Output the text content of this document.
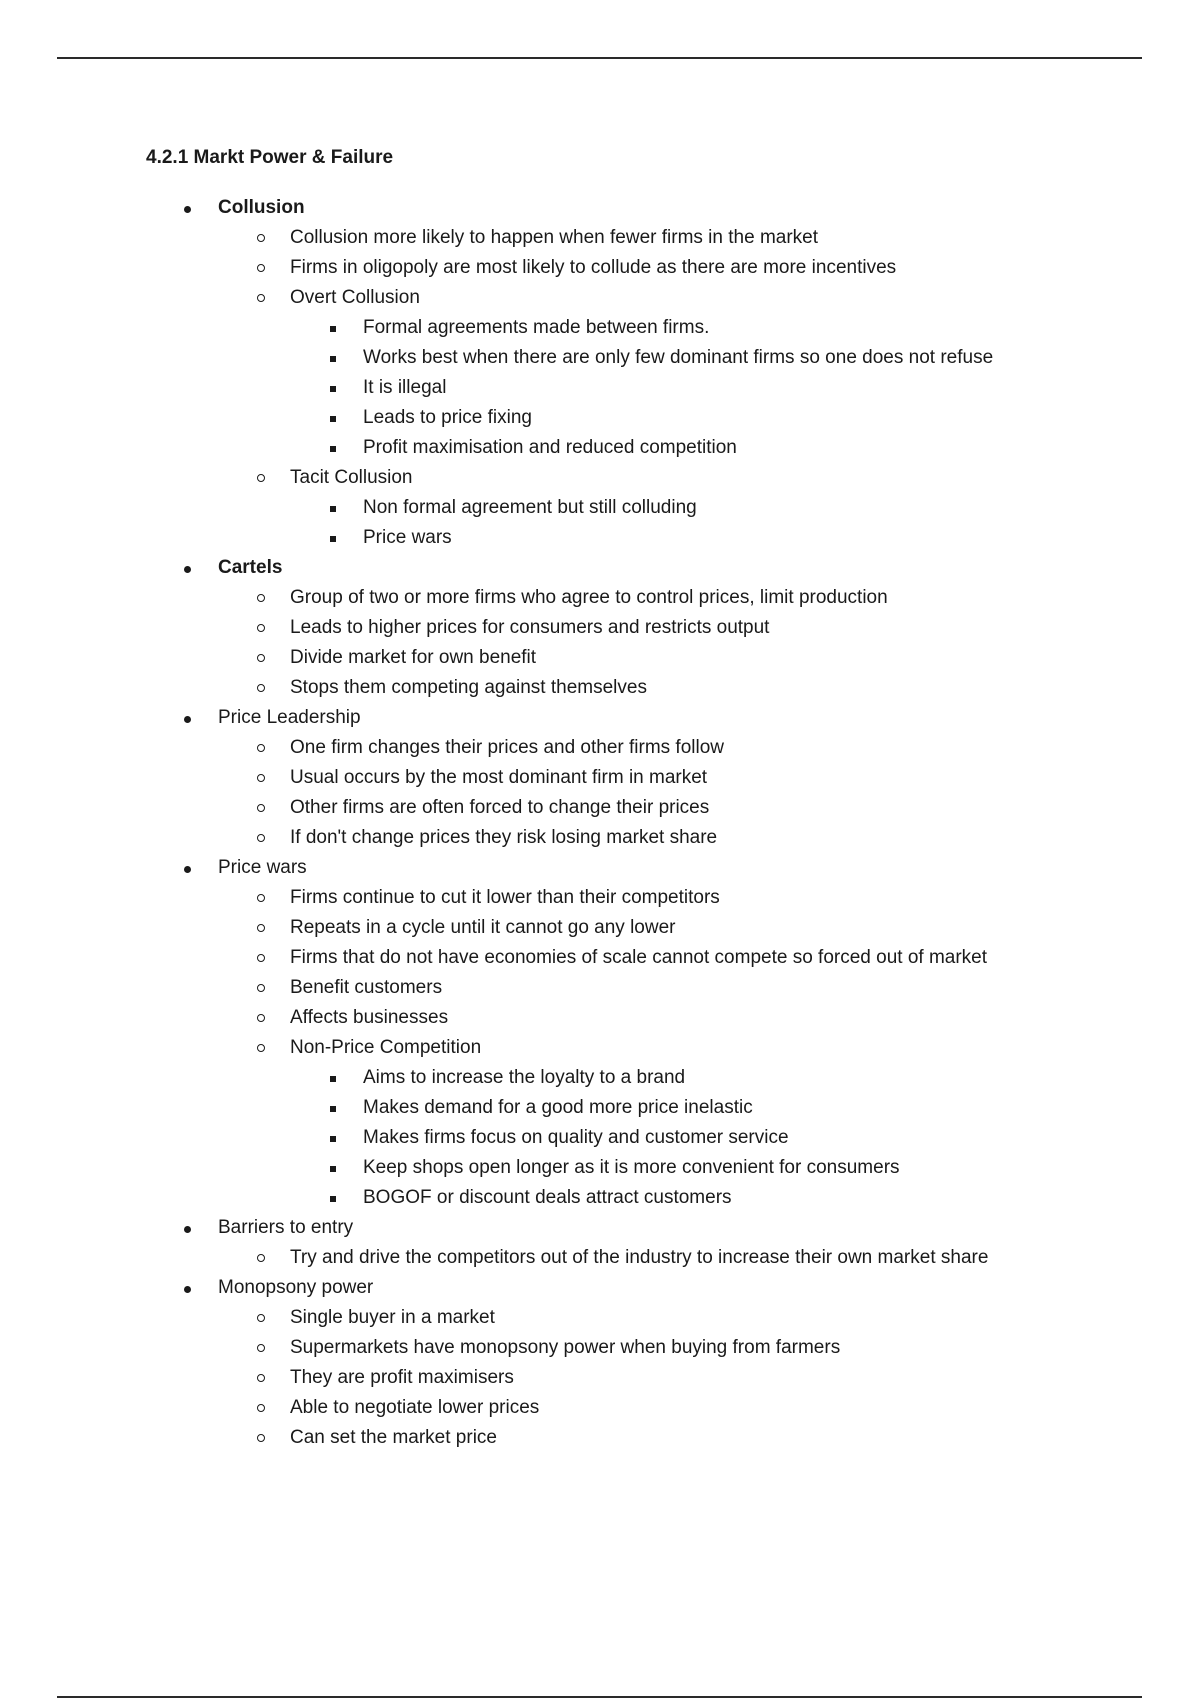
4.2.1 Markt Power & Failure
Collusion
Collusion more likely to happen when fewer firms in the market
Firms in oligopoly are most likely to collude as there are more incentives
Overt Collusion
Formal agreements made between firms.
Works best when there are only few dominant firms so one does not refuse
It is illegal
Leads to price fixing
Profit maximisation and reduced competition
Tacit Collusion
Non formal agreement but still colluding
Price wars
Cartels
Group of two or more firms who agree to control prices, limit production
Leads to higher prices for consumers and restricts output
Divide market for own benefit
Stops them competing against themselves
Price Leadership
One firm changes their prices and other firms follow
Usual occurs by the most dominant firm in market
Other firms are often forced to change their prices
If don't change prices they risk losing market share
Price wars
Firms continue to cut it lower than their competitors
Repeats in a cycle until it cannot go any lower
Firms that do not have economies of scale cannot compete so forced out of market
Benefit customers
Affects businesses
Non-Price Competition
Aims to increase the loyalty to a brand
Makes demand for a good more price inelastic
Makes firms focus on quality and customer service
Keep shops open longer as it is more convenient for consumers
BOGOF or discount deals attract customers
Barriers to entry
Try and drive the competitors out of the industry to increase their own market share
Monopsony power
Single buyer in a market
Supermarkets have monopsony power when buying from farmers
They are profit maximisers
Able to negotiate lower prices
Can set the market price
